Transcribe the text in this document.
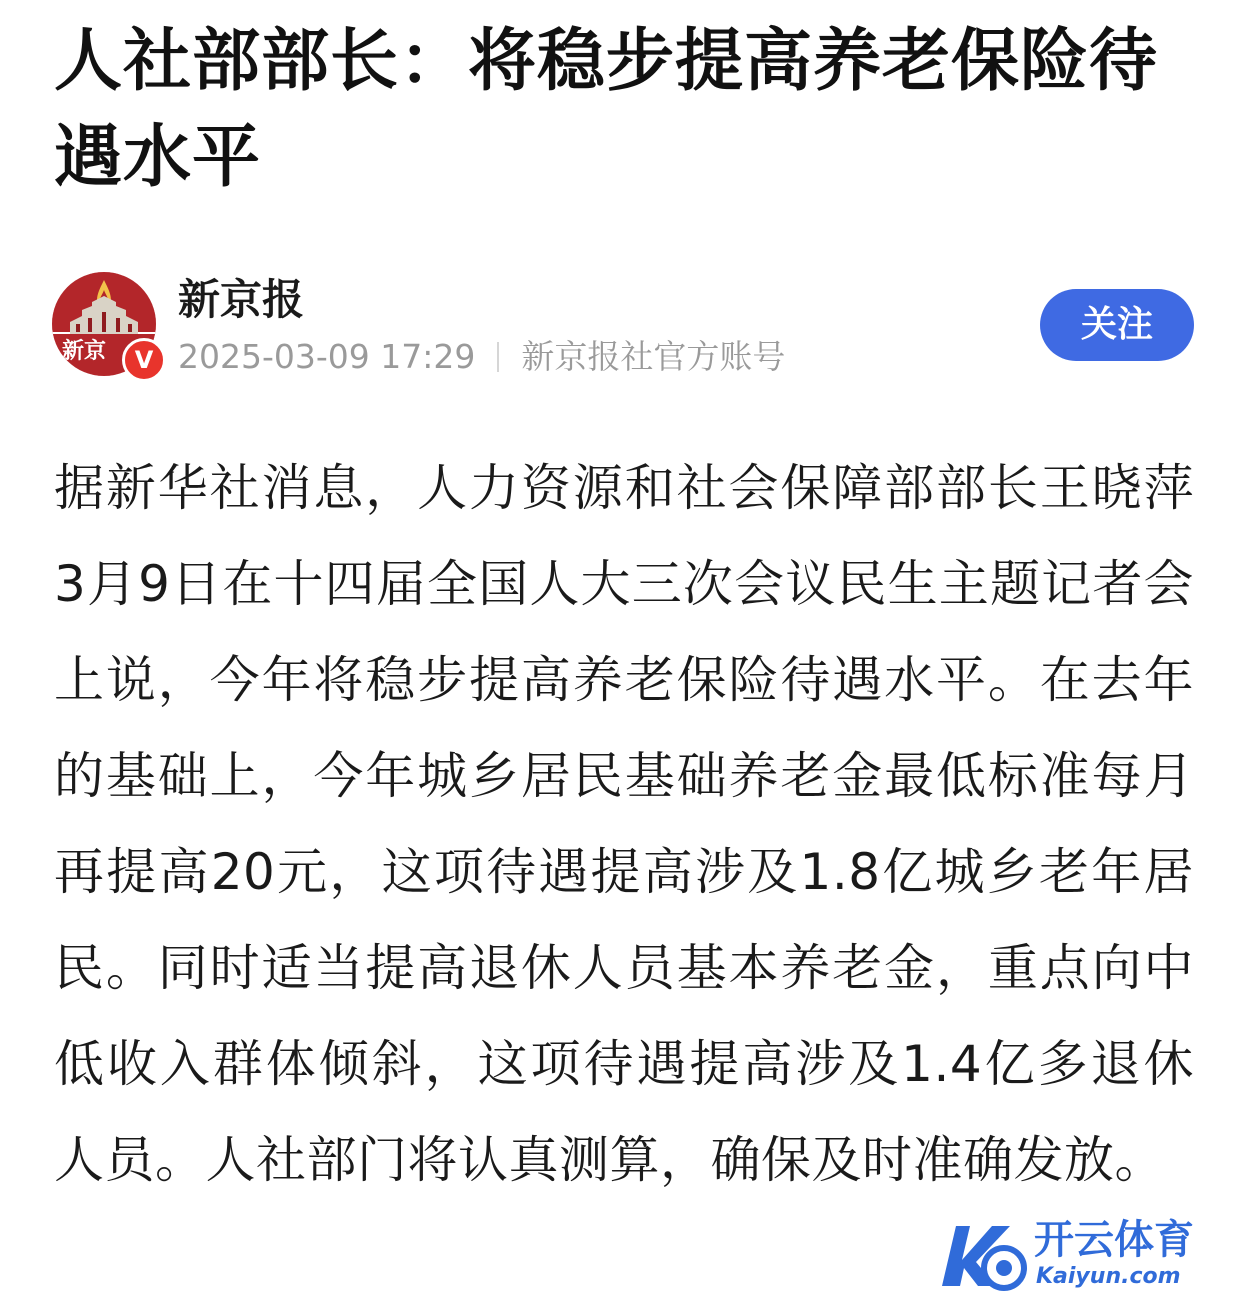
人社部部长：将稳步提高养老保险待遇水平
新京	V
新京报
2025-03-09 17:29 新京报社官方账号
关注

据新华社消息，人力资源和社会保障部部长王晓萍3月9日在十四届全国人大三次会议民生主题记者会上说，今年将稳步提高养老保险待遇水平。在去年的基础上，今年城乡居民基础养老金最低标准每月再提高20元，这项待遇提高涉及1.8亿城乡老年居民。同时适当提高退休人员基本养老金，重点向中低收入群体倾斜，这项待遇提高涉及1.4亿多退休人员。人社部门将认真测算，确保及时准确发放。

开云体育
Kaiyun.com
